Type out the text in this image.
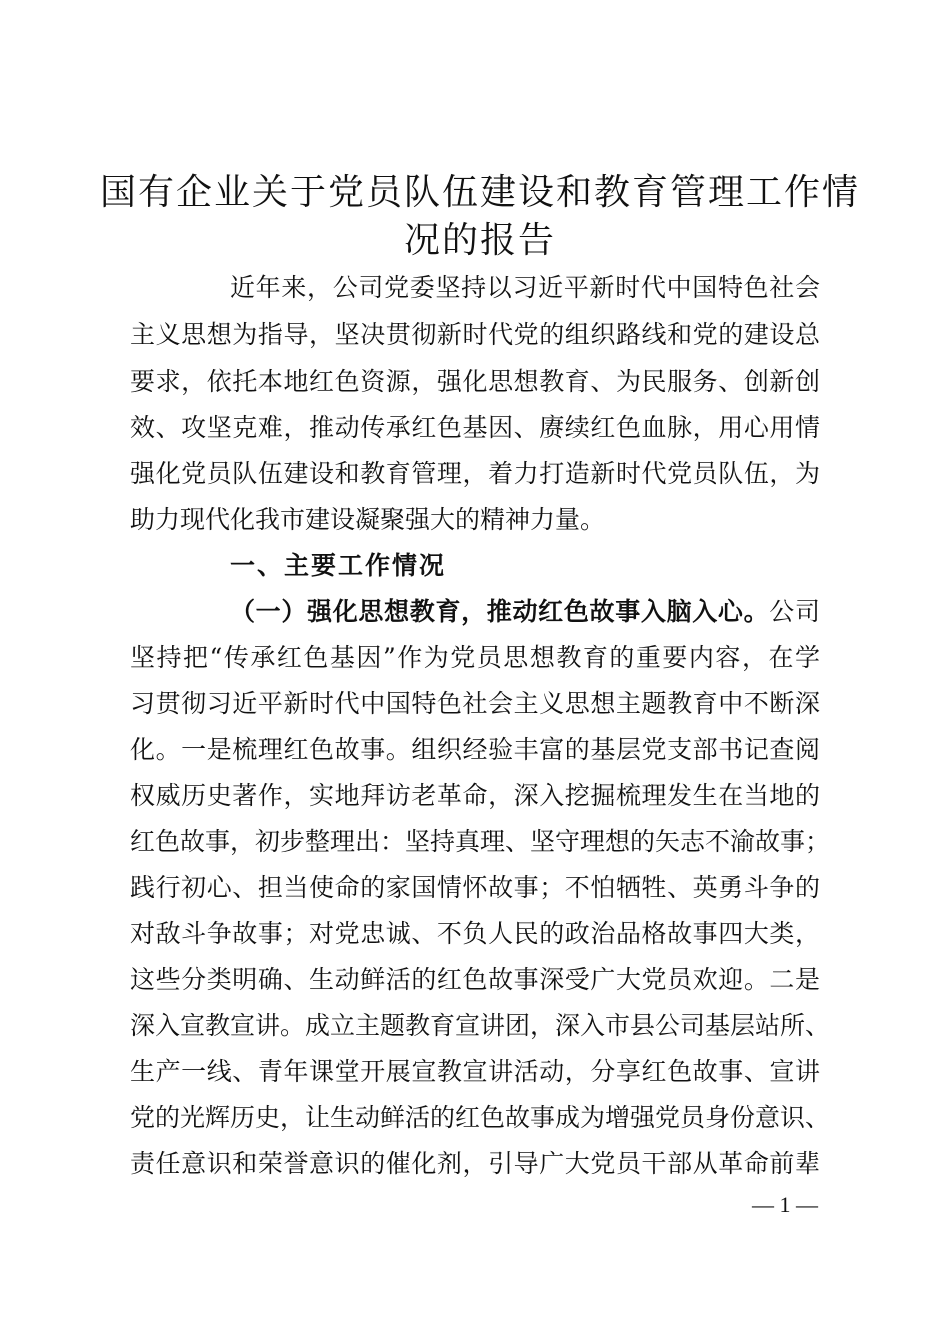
国有企业关于党员队伍建设和教育管理工作情
况的报告
近年来，公司党委坚持以习近平新时代中国特色社会
主义思想为指导，坚决贯彻新时代党的组织路线和党的建设总
要求，依托本地红色资源，强化思想教育、为民服务、创新创
效、攻坚克难，推动传承红色基因、赓续红色血脉，用心用情
强化党员队伍建设和教育管理，着力打造新时代党员队伍，为
助力现代化我市建设凝聚强大的精神力量。
一、主要工作情况
（一）强化思想教育，推动红色故事入脑入心。公司
坚持把“传承红色基因”作为党员思想教育的重要内容，在学
习贯彻习近平新时代中国特色社会主义思想主题教育中不断深
化。一是梳理红色故事。组织经验丰富的基层党支部书记查阅
权威历史著作，实地拜访老革命，深入挖掘梳理发生在当地的
红色故事，初步整理出：坚持真理、坚守理想的矢志不渝故事；
践行初心、担当使命的家国情怀故事；不怕牺牲、英勇斗争的
对敌斗争故事；对党忠诚、不负人民的政治品格故事四大类，
这些分类明确、生动鲜活的红色故事深受广大党员欢迎。二是
深入宣教宣讲。成立主题教育宣讲团，深入市县公司基层站所、
生产一线、青年课堂开展宣教宣讲活动，分享红色故事、宣讲
党的光辉历史，让生动鲜活的红色故事成为增强党员身份意识、
责任意识和荣誉意识的催化剂，引导广大党员干部从革命前辈
— 1 —
